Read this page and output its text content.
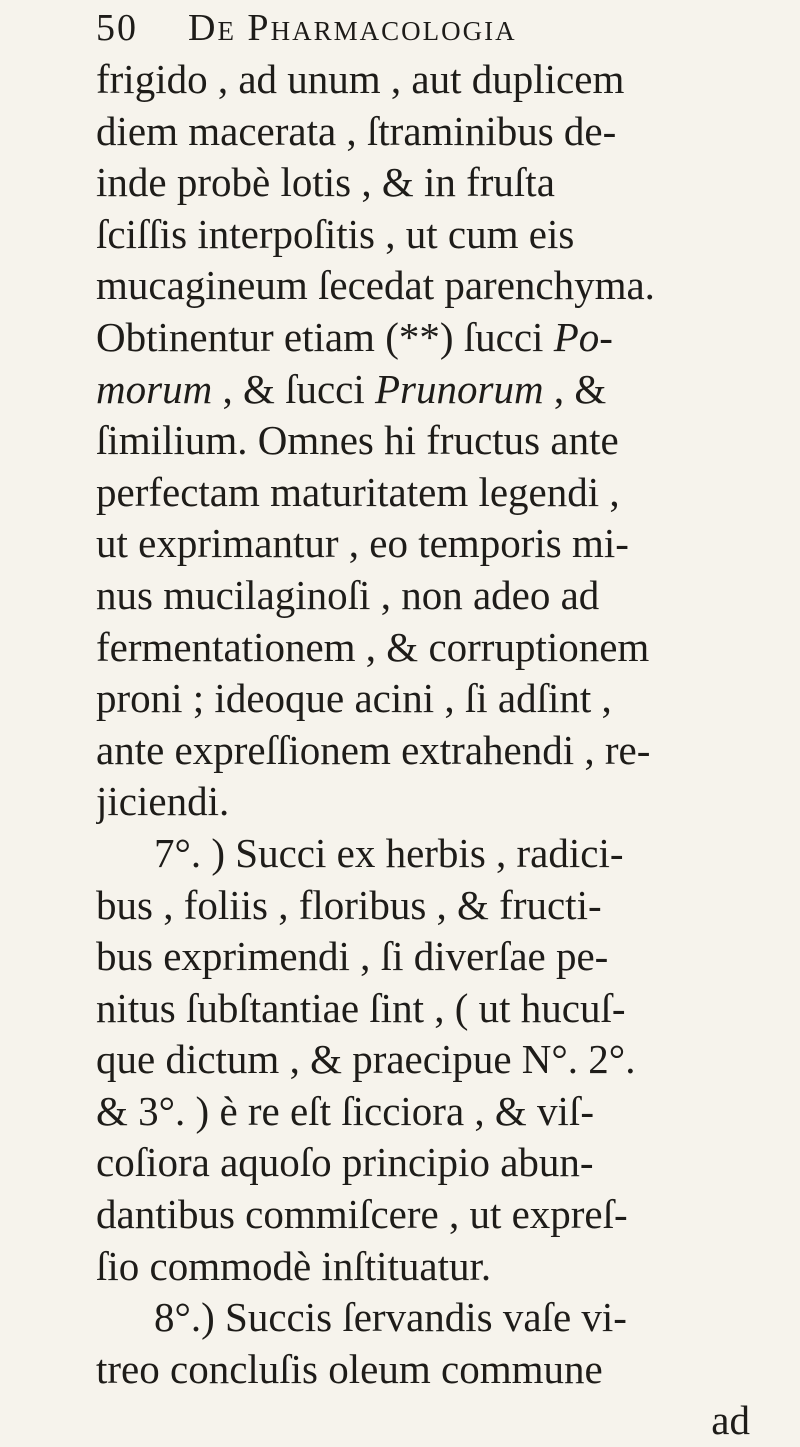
50 De Pharmacologia
frigido , ad unum , aut duplicem
diem macerata , ſtraminibus de-
inde probè lotis , & in fruſta
ſciſſis interpoſitis , ut cum eis
mucagineum ſecedat parenchyma.
Obtinentur etiam (**) ſucci Po-
morum , & ſucci Prunorum , &
ſimilium. Omnes hi fructus ante
perfectam maturitatem legendi ,
ut exprimantur , eo temporis mi-
nus mucilaginoſi , non adeo ad
fermentationem , & corruptionem
proni ; ideoque acini , ſi adſint ,
ante expreſſionem extrahendi , re-
jiciendi.
7°. ) Succi ex herbis , radici-
bus , foliis , floribus , & fructi-
bus exprimendi , ſi diverſae pe-
nitus ſubſtantiae ſint , ( ut hucuſ-
que dictum , & praecipue N°. 2°.
& 3°. ) è re eſt ſicciora , & viſ-
coſiora aquoſo principio abun-
dantibus commiſcere , ut expreſ-
ſio commodè inſtituatur.
8°.) Succis ſervandis vaſe vi-
treo concluſis oleum commune
ad
